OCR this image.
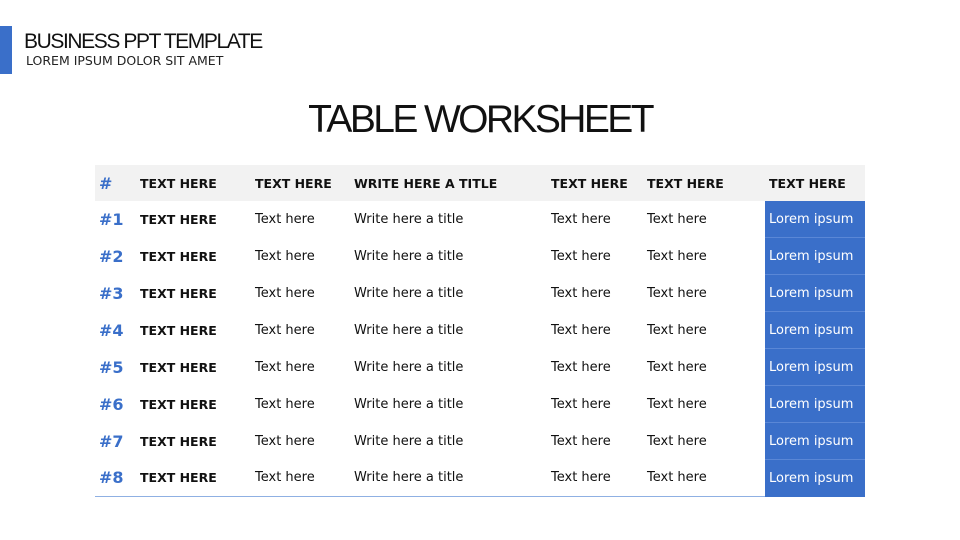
BUSINESS PPT TEMPLATE
LOREM IPSUM DOLOR SIT AMET
TABLE WORKSHEET
#	TEXT HERE	TEXT HERE	WRITE HERE A TITLE	TEXT HERE	TEXT HERE	TEXT HERE
#1	TEXT HERE	Text here	Write here a title	Text here	Text here	Lorem ipsum
#2	TEXT HERE	Text here	Write here a title	Text here	Text here	Lorem ipsum
#3	TEXT HERE	Text here	Write here a title	Text here	Text here	Lorem ipsum
#4	TEXT HERE	Text here	Write here a title	Text here	Text here	Lorem ipsum
#5	TEXT HERE	Text here	Write here a title	Text here	Text here	Lorem ipsum
#6	TEXT HERE	Text here	Write here a title	Text here	Text here	Lorem ipsum
#7	TEXT HERE	Text here	Write here a title	Text here	Text here	Lorem ipsum
#8	TEXT HERE	Text here	Write here a title	Text here	Text here	Lorem ipsum
